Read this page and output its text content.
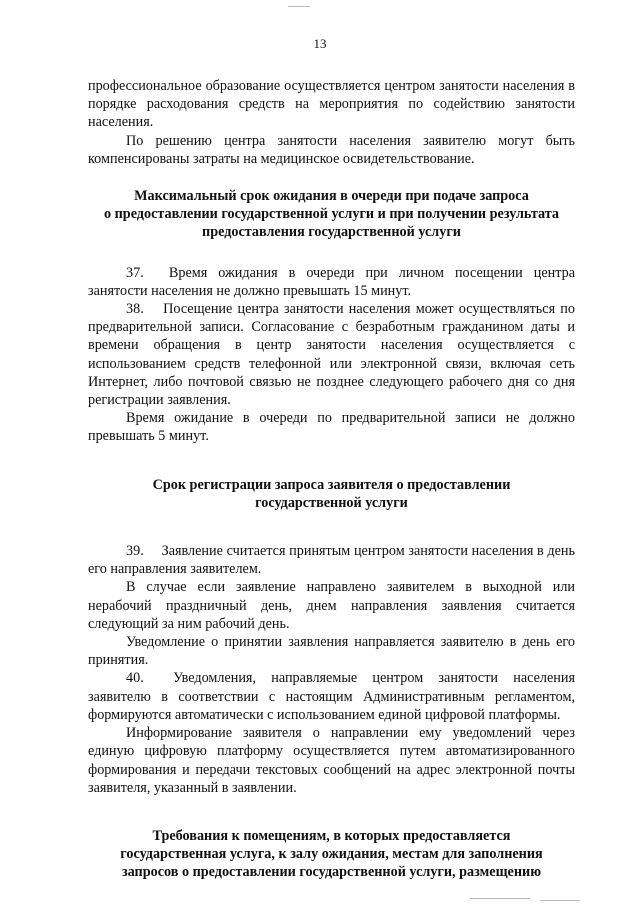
13

профессиональное образование осуществляется центром занятости населения в порядке расходования средств на мероприятия по содействию занятости населения.

По решению центра занятости населения заявителю могут быть компенсированы затраты на медицинское освидетельствование.

Максимальный срок ожидания в очереди при подаче запроса
о предоставлении государственной услуги и при получении результата
предоставления государственной услуги

37.  Время ожидания в очереди при личном посещении центра занятости населения не должно превышать 15 минут.

38.  Посещение центра занятости населения может осуществляться по предварительной записи. Согласование с безработным гражданином даты и времени обращения в центр занятости населения осуществляется с использованием средств телефонной или электронной связи, включая сеть Интернет, либо почтовой связью не позднее следующего рабочего дня со дня регистрации заявления.

Время ожидание в очереди по предварительной записи не должно превышать 5 минут.

Срок регистрации запроса заявителя о предоставлении
государственной услуги

39.  Заявление считается принятым центром занятости населения в день его направления заявителем.

В случае если заявление направлено заявителем в выходной или нерабочий праздничный день, днем направления заявления считается следующий за ним рабочий день.

Уведомление о принятии заявления направляется заявителю в день его принятия.

40.  Уведомления, направляемые центром занятости населения заявителю в соответствии с настоящим Административным регламентом, формируются автоматически с использованием единой цифровой платформы.

Информирование заявителя о направлении ему уведомлений через единую цифровую платформу осуществляется путем автоматизированного формирования и передачи текстовых сообщений на адрес электронной почты заявителя, указанный в заявлении.

Требования к помещениям, в которых предоставляется
государственная услуга, к залу ожидания, местам для заполнения
запросов о предоставлении государственной услуги, размещению
